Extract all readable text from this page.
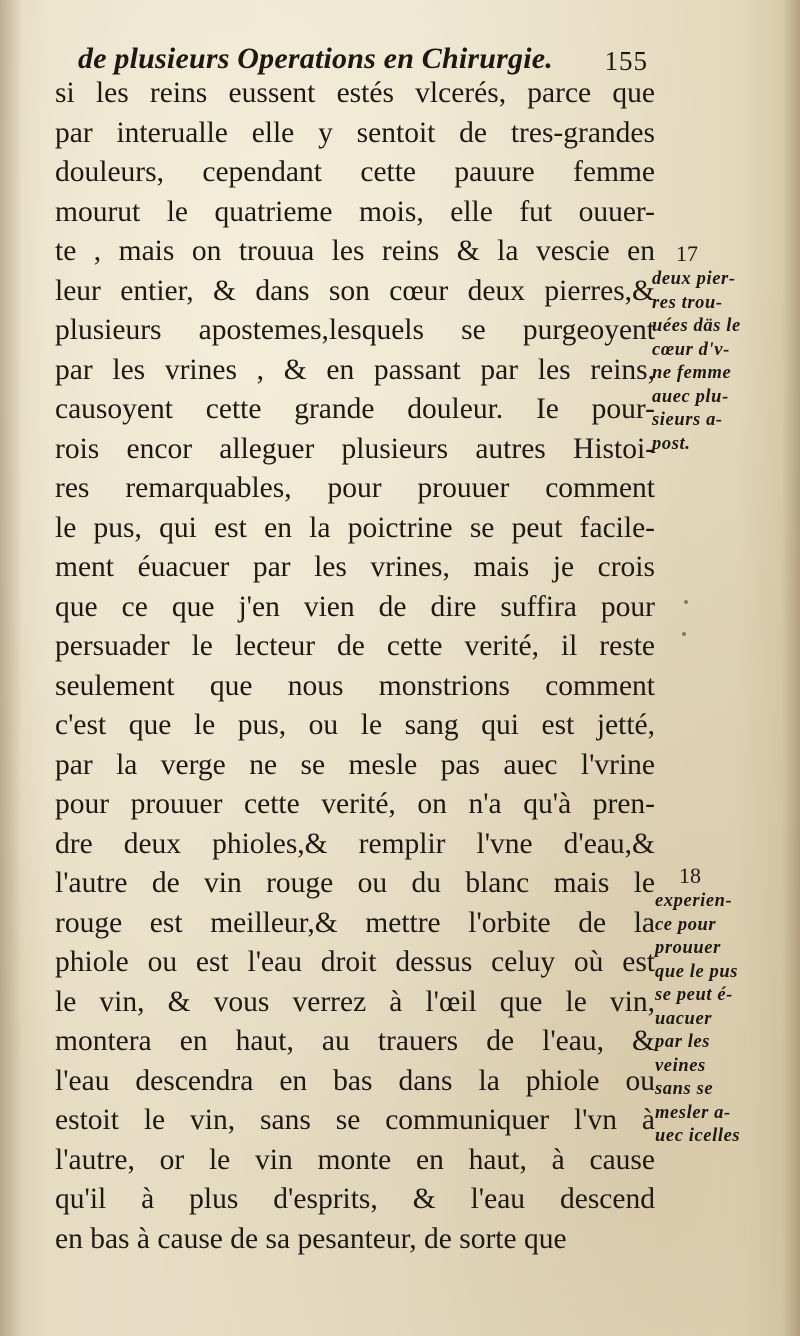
de plusieurs Operations en Chirurgie. 155
si les reins eussent estés vlcerés, parce que
par interualle elle y sentoit de tres-grandes
douleurs, cependant cette pauure femme
mourut le quatrieme mois, elle fut ouuer-
te , mais on trouua les reins & la vescie en
leur entier, & dans son cœur deux pierres,&
plusieurs apostemes,lesquels se purgeoyent
par les vrines , & en passant par les reins,
causoyent cette grande douleur. Ie pour-
rois encor alleguer plusieurs autres Histoi-
res remarquables, pour prouuer comment
le pus, qui est en la poictrine se peut facile-
ment éuacuer par les vrines, mais je crois
que ce que j'en vien de dire suffira pour
persuader le lecteur de cette verité, il reste
seulement que nous monstrions comment
c'est que le pus, ou le sang qui est jetté,
par la verge ne se mesle pas auec l'vrine
pour prouuer cette verité, on n'a qu'à pren-
dre deux phioles,& remplir l'vne d'eau,&
l'autre de vin rouge ou du blanc mais le
rouge est meilleur,& mettre l'orbite de la
phiole ou est l'eau droit dessus celuy où est
le vin, & vous verrez à l'œil que le vin,
montera en haut, au trauers de l'eau, &
l'eau descendra en bas dans la phiole ou
estoit le vin, sans se communiquer l'vn à
l'autre, or le vin monte en haut, à cause
qu'il à plus d'esprits, & l'eau descend
en bas à cause de sa pesanteur, de sorte que
17
deux pier-
res trou-
uées däs le
cœur d'v-
ne femme
auec plu-
sieurs a-
post.
18
experien-
ce pour
prouuer
que le pus
se peut é-
uacuer
par les
veines
sans se
mesler a-
uec icelles
